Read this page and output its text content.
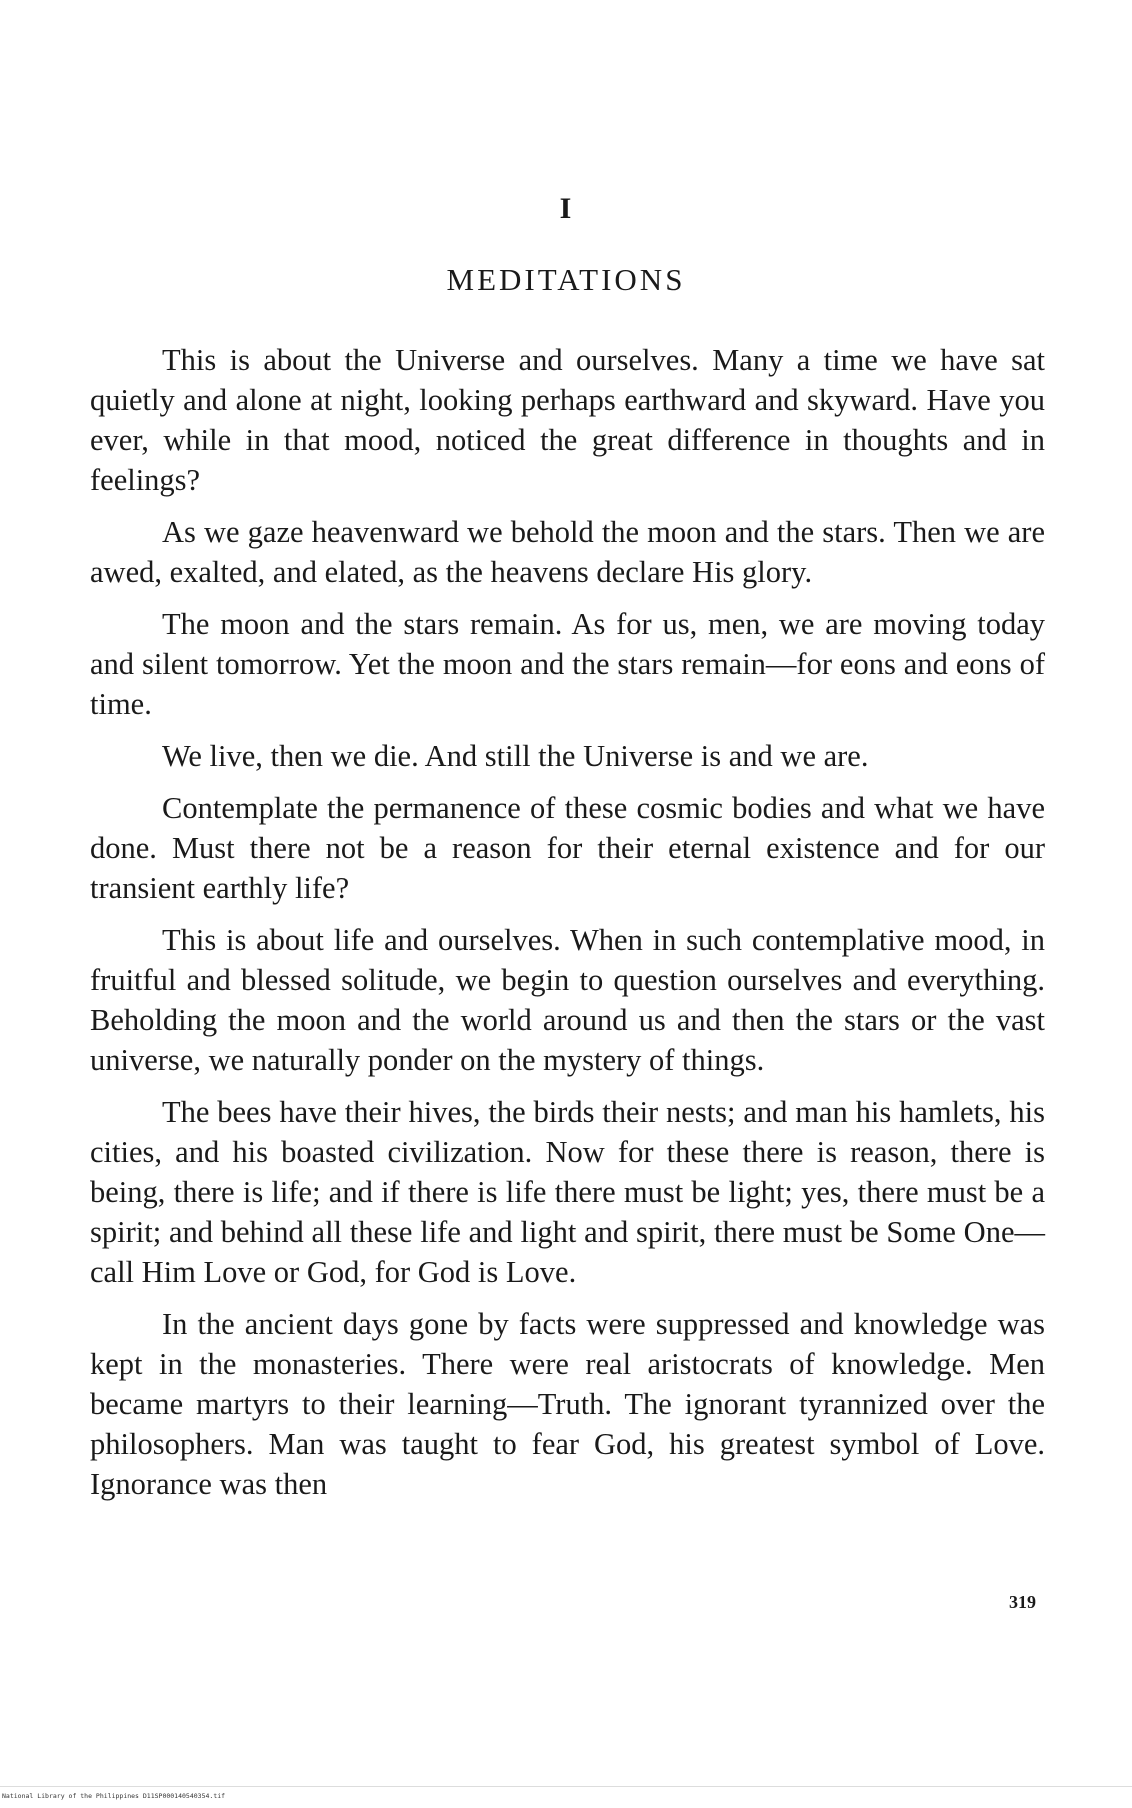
I
MEDITATIONS

This is about the Universe and ourselves. Many a time we have sat quietly and alone at night, looking perhaps earthward and skyward. Have you ever, while in that mood, noticed the great difference in thoughts and in feelings?

As we gaze heavenward we behold the moon and the stars. Then we are awed, exalted, and elated, as the heavens declare His glory.

The moon and the stars remain. As for us, men, we are moving today and silent tomorrow. Yet the moon and the stars remain—for eons and eons of time.

We live, then we die. And still the Universe is and we are.

Contemplate the permanence of these cosmic bodies and what we have done. Must there not be a reason for their eternal existence and for our transient earthly life?

This is about life and ourselves. When in such contemplative mood, in fruitful and blessed solitude, we begin to question ourselves and everything. Beholding the moon and the world around us and then the stars or the vast universe, we naturally ponder on the mystery of things.

The bees have their hives, the birds their nests; and man his hamlets, his cities, and his boasted civilization. Now for these there is reason, there is being, there is life; and if there is life there must be light; yes, there must be a spirit; and behind all these life and light and spirit, there must be Some One—call Him Love or God, for God is Love.

In the ancient days gone by facts were suppressed and knowledge was kept in the monasteries. There were real aristocrats of knowledge. Men became martyrs to their learning—Truth. The ignorant tyrannized over the philosophers. Man was taught to fear God, his greatest symbol of Love. Ignorance was then

319
National Library of the Philippines D11SP000140540354.tif
